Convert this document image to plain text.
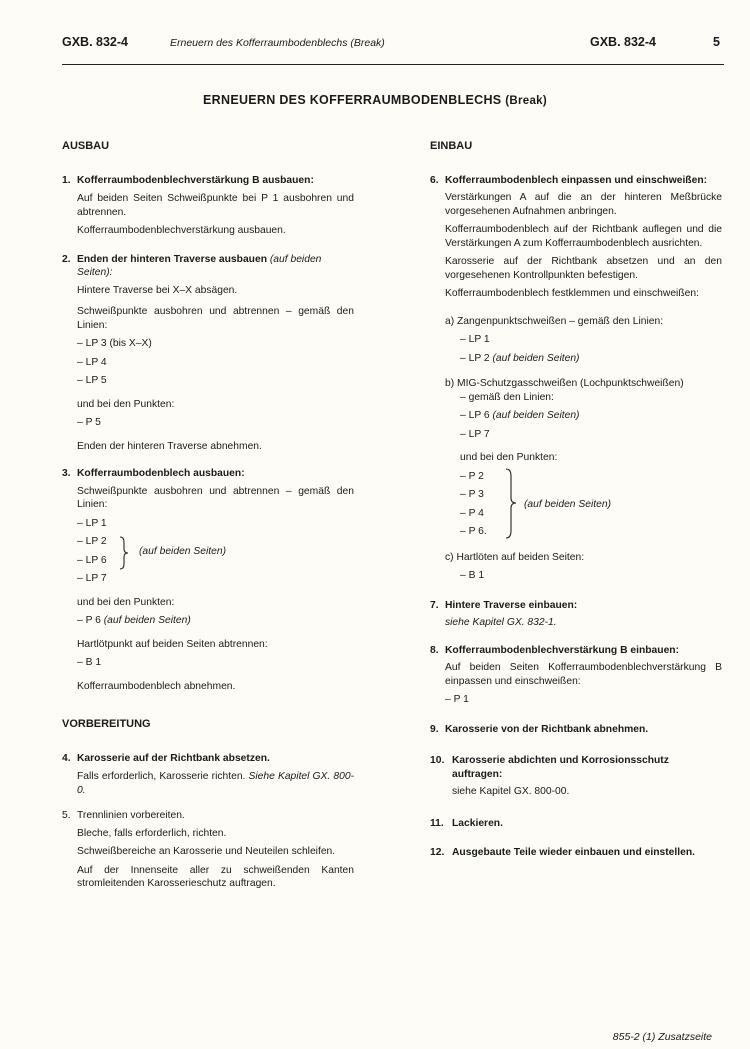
GXB. 832-4	Erneuern des Kofferraumbodenblechs (Break)	GXB. 832-4	5
ERNEUERN DES KOFFERRAUMBODENBLECHS (Break)
AUSBAU
1. Kofferraumbodenblechverstärkung B ausbauen:

Auf beiden Seiten Schweißpunkte bei P 1 ausbohren und abtrennen.

Kofferraumbodenblechverstärkung ausbauen.

2. Enden der hinteren Traverse ausbauen (auf beiden Seiten):

Hintere Traverse bei X–X absägen.

Schweißpunkte ausbohren und abtrennen – gemäß den Linien:

– LP 3 (bis X–X)
– LP 4
– LP 5

und bei den Punkten:

– P 5

Enden der hinteren Traverse abnehmen.

3. Kofferraumbodenblech ausbauen:

Schweißpunkte ausbohren und abtrennen – gemäß den Linien:

– LP 1
– LP 2
– LP 6
(auf beiden Seiten)
– LP 7

und bei den Punkten:

– P 6 (auf beiden Seiten)

Hartlötpunkt auf beiden Seiten abtrennen:

– B 1

Kofferraumbodenblech abnehmen.

VORBEREITUNG
4. Karosserie auf der Richtbank absetzen.

Falls erforderlich, Karosserie richten. Siehe Kapitel GX. 800-0.

5. Trennlinien vorbereiten.

Bleche, falls erforderlich, richten.

Schweißbereiche an Karosserie und Neuteilen schleifen.

Auf der Innenseite aller zu schweißenden Kanten stromleitenden Karosserieschutz auftragen.

EINBAU
6. Kofferraumbodenblech einpassen und einschweißen:

Verstärkungen A auf die an der hinteren Meßbrücke vorgesehenen Aufnahmen anbringen.

Kofferraumbodenblech auf der Richtbank auflegen und die Verstärkungen A zum Kofferraumbodenblech ausrichten.

Karosserie auf der Richtbank absetzen und an den vorgesehenen Kontrollpunkten befestigen.

Kofferraumbodenblech festklemmen und einschweißen:

a) Zangenpunktschweißen – gemäß den Linien:

– LP 1
– LP 2 (auf beiden Seiten)

b) MIG-Schutzgasschweißen (Lochpunktschweißen)

– gemäß den Linien:
– LP 6 (auf beiden Seiten)
– LP 7

und bei den Punkten:

– P 2
– P 3
– P 4
– P 6.
(auf beiden Seiten)

c) Hartlöten auf beiden Seiten:

– B 1
7. Hintere Traverse einbauen:

siehe Kapitel GX. 832-1.

8. Kofferraumbodenblechverstärkung B einbauen:

Auf beiden Seiten Kofferraumbodenblechverstärkung B einpassen und einschweißen:

– P 1
9. Karosserie von der Richtbank abnehmen.
10. Karosserie abdichten und Korrosionsschutz auftragen:

siehe Kapitel GX. 800-00.

11. Lackieren.
12. Ausgebaute Teile wieder einbauen und einstellen.
855-2 (1) Zusatzseite
